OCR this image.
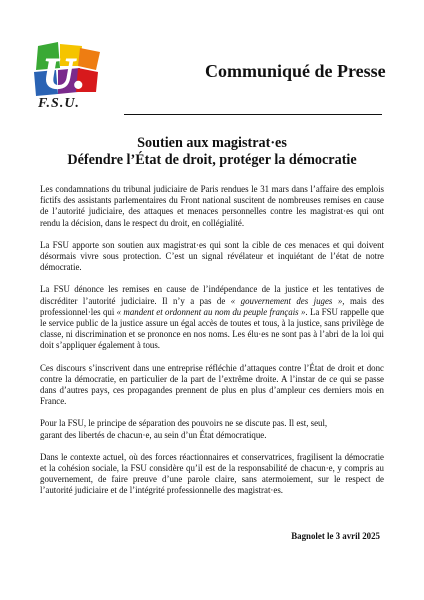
U.
F.S.U.
Communiqué de Presse
Soutien aux magistrat·es
Défendre l’État de droit, protéger la démocratie

Les condamnations du tribunal judiciaire de Paris rendues le 31 mars dans l’affaire des emplois fictifs des assistants parlementaires du Front national suscitent de nombreuses remises en cause de l’autorité judiciaire, des attaques et menaces personnelles contre les magistrat·es qui ont rendu la décision, dans le respect du droit, en collégialité.

La FSU apporte son soutien aux magistrat·es qui sont la cible de ces menaces et qui doivent désormais vivre sous protection. C’est un signal révélateur et inquiétant de l’état de notre démocratie.

La FSU dénonce les remises en cause de l’indépendance de la justice et les tentatives de discréditer l’autorité judiciaire. Il n’y a pas de « gouvernement des juges », mais des professionnel·les qui « mandent et ordonnent au nom du peuple français ». La FSU rappelle que le service public de la justice assure un égal accès de toutes et tous, à la justice, sans privilège de classe, ni discrimination et se prononce en nos noms. Les élu·es ne sont pas à l’abri de la loi qui doit s’appliquer également à tous.

Ces discours s’inscrivent dans une entreprise réfléchie d’attaques contre l’État de droit et donc contre la démocratie, en particulier de la part de l’extrême droite. A l’instar de ce qui se passe dans d’autres pays, ces propagandes prennent de plus en plus d’ampleur ces derniers mois en France.

Pour la FSU, le principe de séparation des pouvoirs ne se discute pas. Il est, seul,
garant des libertés de chacun·e, au sein d’un État démocratique.

Dans le contexte actuel, où des forces réactionnaires et conservatrices, fragilisent la démocratie et la cohésion sociale, la FSU considère qu’il est de la responsabilité de chacun·e, y compris au gouvernement, de faire preuve d’une parole claire, sans atermoiement, sur le respect de l’autorité judiciaire et de l’intégrité professionnelle des magistrat·es.

Bagnolet le 3 avril 2025
